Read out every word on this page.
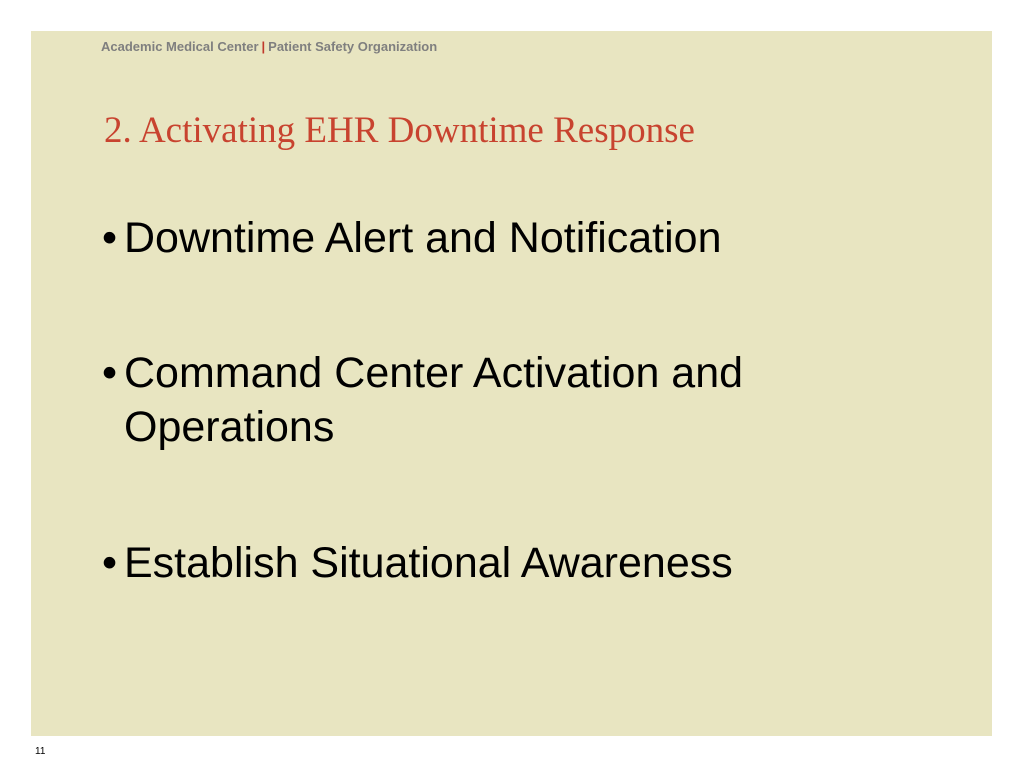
Academic Medical Center | Patient Safety Organization
2. Activating EHR Downtime Response
• Downtime Alert and Notification
• Command Center Activation and Operations
• Establish Situational Awareness
11
